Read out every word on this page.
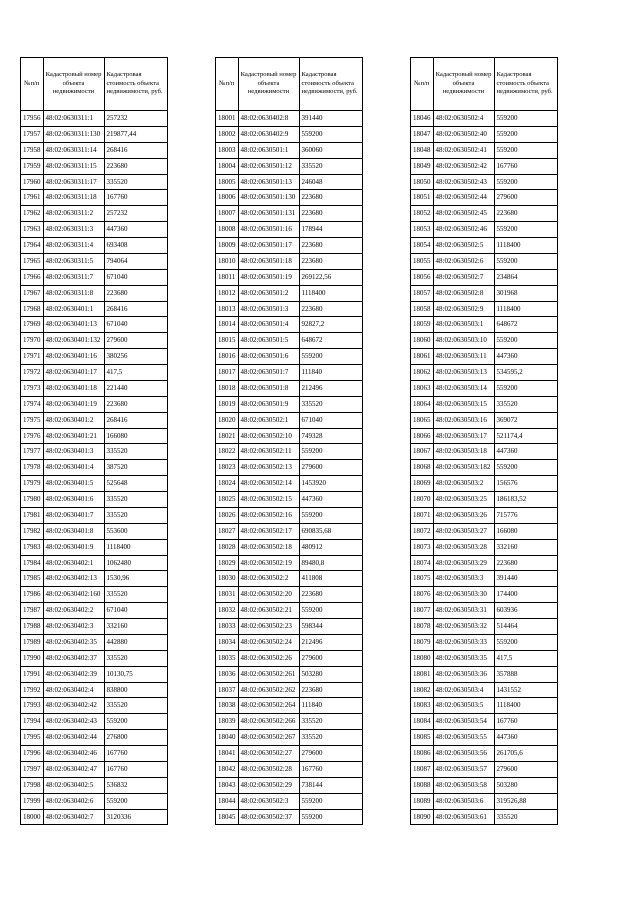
№п/п	Кадастровый номер объекта недвижимости	Кадастровая стоимость объекта недвижимости, руб.
17956	48:02:0630311:1	257232
17957	48:02:0630311:130	219877,44
17958	48:02:0630311:14	268416
17959	48:02:0630311:15	223680
17960	48:02:0630311:17	335520
17961	48:02:0630311:18	167760
17962	48:02:0630311:2	257232
17963	48:02:0630311:3	447360
17964	48:02:0630311:4	693408
17965	48:02:0630311:5	794064
17966	48:02:0630311:7	671040
17967	48:02:0630311:8	223680
17968	48:02:0630401:1	268416
17969	48:02:0630401:13	671040
17970	48:02:0630401:132	279600
17971	48:02:0630401:16	380256
17972	48:02:0630401:17	417,5
17973	48:02:0630401:18	221440
17974	48:02:0630401:19	223680
17975	48:02:0630401:2	268416
17976	48:02:0630401:21	166080
17977	48:02:0630401:3	335520
17978	48:02:0630401:4	387520
17979	48:02:0630401:5	525648
17980	48:02:0630401:6	335520
17981	48:02:0630401:7	335520
17982	48:02:0630401:8	553600
17983	48:02:0630401:9	1118400
17984	48:02:0630402:1	1062480
17985	48:02:0630402:13	1530,96
17986	48:02:0630402:160	335520
17987	48:02:0630402:2	671040
17988	48:02:0630402:3	332160
17989	48:02:0630402:35	442880
17990	48:02:0630402:37	335520
17991	48:02:0630402:39	10130,75
17992	48:02:0630402:4	838800
17993	48:02:0630402:42	335520
17994	48:02:0630402:43	559200
17995	48:02:0630402:44	276800
17996	48:02:0630402:46	167760
17997	48:02:0630402:47	167760
17998	48:02:0630402:5	536832
17999	48:02:0630402:6	559200
18000	48:02:0630402:7	3120336
№п/п	Кадастровый номер объекта недвижимости	Кадастровая стоимость объекта недвижимости, руб.
18001	48:02:0630402:8	391440
18002	48:02:0630402:9	559200
18003	48:02:0630501:1	360060
18004	48:02:0630501:12	335520
18005	48:02:0630501:13	246048
18006	48:02:0630501:130	223680
18007	48:02:0630501:131	223680
18008	48:02:0630501:16	178944
18009	48:02:0630501:17	223680
18010	48:02:0630501:18	223680
18011	48:02:0630501:19	269122,56
18012	48:02:0630501:2	1118400
18013	48:02:0630501:3	223680
18014	48:02:0630501:4	92827,2
18015	48:02:0630501:5	648672
18016	48:02:0630501:6	559200
18017	48:02:0630501:7	111840
18018	48:02:0630501:8	212496
18019	48:02:0630501:9	335520
18020	48:02:0630502:1	671040
18021	48:02:0630502:10	749328
18022	48:02:0630502:11	559200
18023	48:02:0630502:13	279600
18024	48:02:0630502:14	1453920
18025	48:02:0630502:15	447360
18026	48:02:0630502:16	559200
18027	48:02:0630502:17	690835,68
18028	48:02:0630502:18	480912
18029	48:02:0630502:19	89480,8
18030	48:02:0630502:2	411808
18031	48:02:0630502:20	223680
18032	48:02:0630502:21	559200
18033	48:02:0630502:23	598344
18034	48:02:0630502:24	212496
18035	48:02:0630502:26	279600
18036	48:02:0630502:261	503280
18037	48:02:0630502:262	223680
18038	48:02:0630502:264	111840
18039	48:02:0630502:266	335520
18040	48:02:0630502:267	335520
18041	48:02:0630502:27	279600
18042	48:02:0630502:28	167760
18043	48:02:0630502:29	738144
18044	48:02:0630502:3	559200
18045	48:02:0630502:37	559200
№п/п	Кадастровый номер объекта недвижимости	Кадастровая стоимость объекта недвижимости, руб.
18046	48:02:0630502:4	559200
18047	48:02:0630502:40	559200
18048	48:02:0630502:41	559200
18049	48:02:0630502:42	167760
18050	48:02:0630502:43	559200
18051	48:02:0630502:44	279600
18052	48:02:0630502:45	223680
18053	48:02:0630502:46	559200
18054	48:02:0630502:5	1118400
18055	48:02:0630502:6	559200
18056	48:02:0630502:7	234864
18057	48:02:0630502:8	301968
18058	48:02:0630502:9	1118400
18059	48:02:0630503:1	648672
18060	48:02:0630503:10	559200
18061	48:02:0630503:11	447360
18062	48:02:0630503:13	534595,2
18063	48:02:0630503:14	559200
18064	48:02:0630503:15	335520
18065	48:02:0630503:16	369072
18066	48:02:0630503:17	521174,4
18067	48:02:0630503:18	447360
18068	48:02:0630503:182	559200
18069	48:02:0630503:2	156576
18070	48:02:0630503:25	186183,52
18071	48:02:0630503:26	715776
18072	48:02:0630503:27	166080
18073	48:02:0630503:28	332160
18074	48:02:0630503:29	223680
18075	48:02:0630503:3	391440
18076	48:02:0630503:30	174400
18077	48:02:0630503:31	603936
18078	48:02:0630503:32	514464
18079	48:02:0630503:33	559200
18080	48:02:0630503:35	417,5
18081	48:02:0630503:36	357888
18082	48:02:0630503:4	1431552
18083	48:02:0630503:5	1118400
18084	48:02:0630503:54	167760
18085	48:02:0630503:55	447360
18086	48:02:0630503:56	261705,6
18087	48:02:0630503:57	279600
18088	48:02:0630503:58	503280
18089	48:02:0630503:6	319526,88
18090	48:02:0630503:61	335520
